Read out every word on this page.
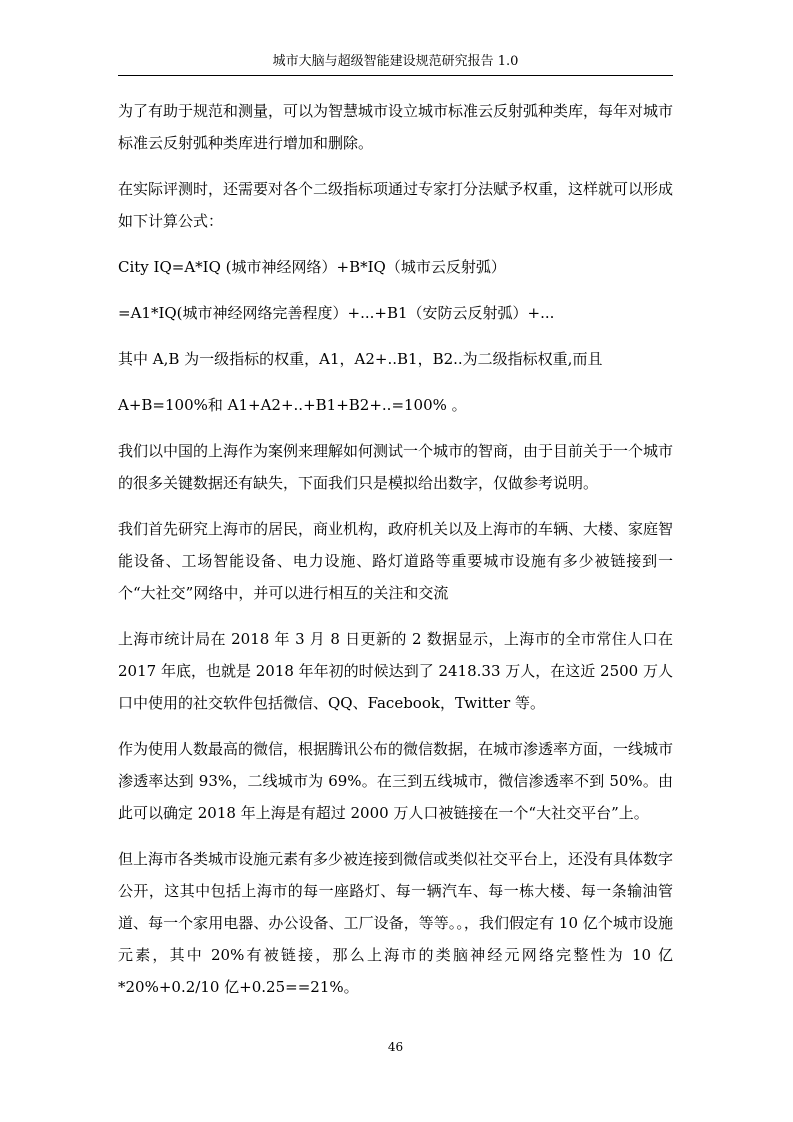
城市大脑与超级智能建设规范研究报告 1.0

为了有助于规范和测量，可以为智慧城市设立城市标准云反射弧种类库，每年对城市标准云反射弧种类库进行增加和删除。

在实际评测时，还需要对各个二级指标项通过专家打分法赋予权重，这样就可以形成如下计算公式：

City IQ=A*IQ (城市神经网络）+B*IQ（城市云反射弧）

=A1*IQ(城市神经网络完善程度）+...+B1（安防云反射弧）+...

其中 A,B 为一级指标的权重，A1，A2+..B1，B2..为二级指标权重,而且

A+B=100%和 A1+A2+..+B1+B2+..=100% 。

我们以中国的上海作为案例来理解如何测试一个城市的智商，由于目前关于一个城市的很多关键数据还有缺失，下面我们只是模拟给出数字，仅做参考说明。

我们首先研究上海市的居民，商业机构，政府机关以及上海市的车辆、大楼、家庭智能设备、工场智能设备、电力设施、路灯道路等重要城市设施有多少被链接到一个“大社交”网络中，并可以进行相互的关注和交流

上海市统计局在 2018 年 3 月 8 日更新的 2 数据显示，上海市的全市常住人口在 2017 年底，也就是 2018 年年初的时候达到了 2418.33 万人，在这近 2500 万人口中使用的社交软件包括微信、QQ、Facebook，Twitter 等。

作为使用人数最高的微信，根据腾讯公布的微信数据，在城市渗透率方面，一线城市渗透率达到 93%，二线城市为 69%。在三到五线城市，微信渗透率不到 50%。由此可以确定 2018 年上海是有超过 2000 万人口被链接在一个“大社交平台”上。

但上海市各类城市设施元素有多少被连接到微信或类似社交平台上，还没有具体数字公开，这其中包括上海市的每一座路灯、每一辆汽车、每一栋大楼、每一条输油管道、每一个家用电器、办公设备、工厂设备，等等。。，我们假定有 10 亿个城市设施元素，其中 20%有被链接，那么上海市的类脑神经元网络完整性为 10 亿*20%+0.2/10 亿+0.25==21%。

46
